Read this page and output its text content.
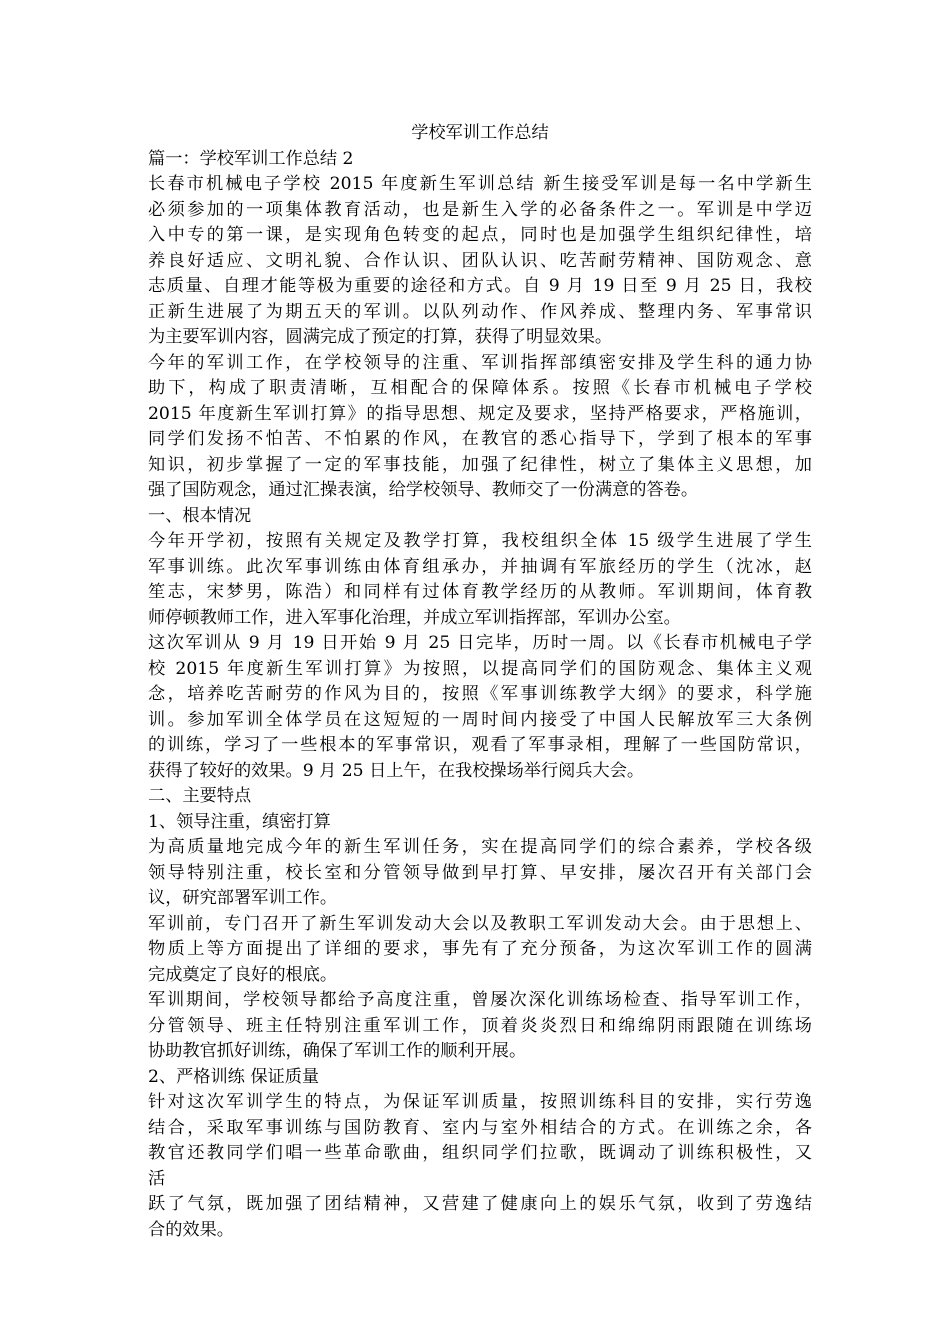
学校军训工作总结
篇一：学校军训工作总结 2
长春市机械电子学校 2015 年度新生军训总结 新生接受军训是每一名中学新生
必须参加的一项集体教育活动，也是新生入学的必备条件之一。军训是中学迈
入中专的第一课，是实现角色转变的起点，同时也是加强学生组织纪律性，培
养良好适应、文明礼貌、合作认识、团队认识、吃苦耐劳精神、国防观念、意
志质量、自理才能等极为重要的途径和方式。自 9 月 19 日至 9 月 25 日，我校
正新生进展了为期五天的军训。以队列动作、作风养成、整理内务、军事常识
为主要军训内容，圆满完成了预定的打算，获得了明显效果。
今年的军训工作，在学校领导的注重、军训指挥部缜密安排及学生科的通力协
助下，构成了职责清晰，互相配合的保障体系。按照《长春市机械电子学校
2015 年度新生军训打算》的指导思想、规定及要求，坚持严格要求，严格施训，
同学们发扬不怕苦、不怕累的作风，在教官的悉心指导下，学到了根本的军事
知识，初步掌握了一定的军事技能，加强了纪律性，树立了集体主义思想，加
强了国防观念，通过汇操表演，给学校领导、教师交了一份满意的答卷。
一、根本情况
今年开学初，按照有关规定及教学打算，我校组织全体 15 级学生进展了学生
军事训练。此次军事训练由体育组承办，并抽调有军旅经历的学生（沈冰，赵
笙志，宋梦男，陈浩）和同样有过体育教学经历的从教师。军训期间，体育教
师停顿教师工作，进入军事化治理，并成立军训指挥部，军训办公室。
这次军训从 9 月 19 日开始 9 月 25 日完毕，历时一周。以《长春市机械电子学
校 2015 年度新生军训打算》为按照，以提高同学们的国防观念、集体主义观
念，培养吃苦耐劳的作风为目的，按照《军事训练教学大纲》的要求，科学施
训。参加军训全体学员在这短短的一周时间内接受了中国人民解放军三大条例
的训练，学习了一些根本的军事常识，观看了军事录相，理解了一些国防常识，
获得了较好的效果。9 月 25 日上午，在我校操场举行阅兵大会。
二、主要特点
1、领导注重，缜密打算
为高质量地完成今年的新生军训任务，实在提高同学们的综合素养，学校各级
领导特别注重，校长室和分管领导做到早打算、早安排，屡次召开有关部门会
议，研究部署军训工作。
军训前，专门召开了新生军训发动大会以及教职工军训发动大会。由于思想上、
物质上等方面提出了详细的要求，事先有了充分预备，为这次军训工作的圆满
完成奠定了良好的根底。
军训期间，学校领导都给予高度注重，曾屡次深化训练场检查、指导军训工作，
分管领导、班主任特别注重军训工作，顶着炎炎烈日和绵绵阴雨跟随在训练场
协助教官抓好训练，确保了军训工作的顺利开展。
2、严格训练 保证质量
针对这次军训学生的特点，为保证军训质量，按照训练科目的安排，实行劳逸
结合，采取军事训练与国防教育、室内与室外相结合的方式。在训练之余，各
教官还教同学们唱一些革命歌曲，组织同学们拉歌，既调动了训练积极性，又
活
跃了气氛，既加强了团结精神，又营建了健康向上的娱乐气氛，收到了劳逸结
合的效果。
